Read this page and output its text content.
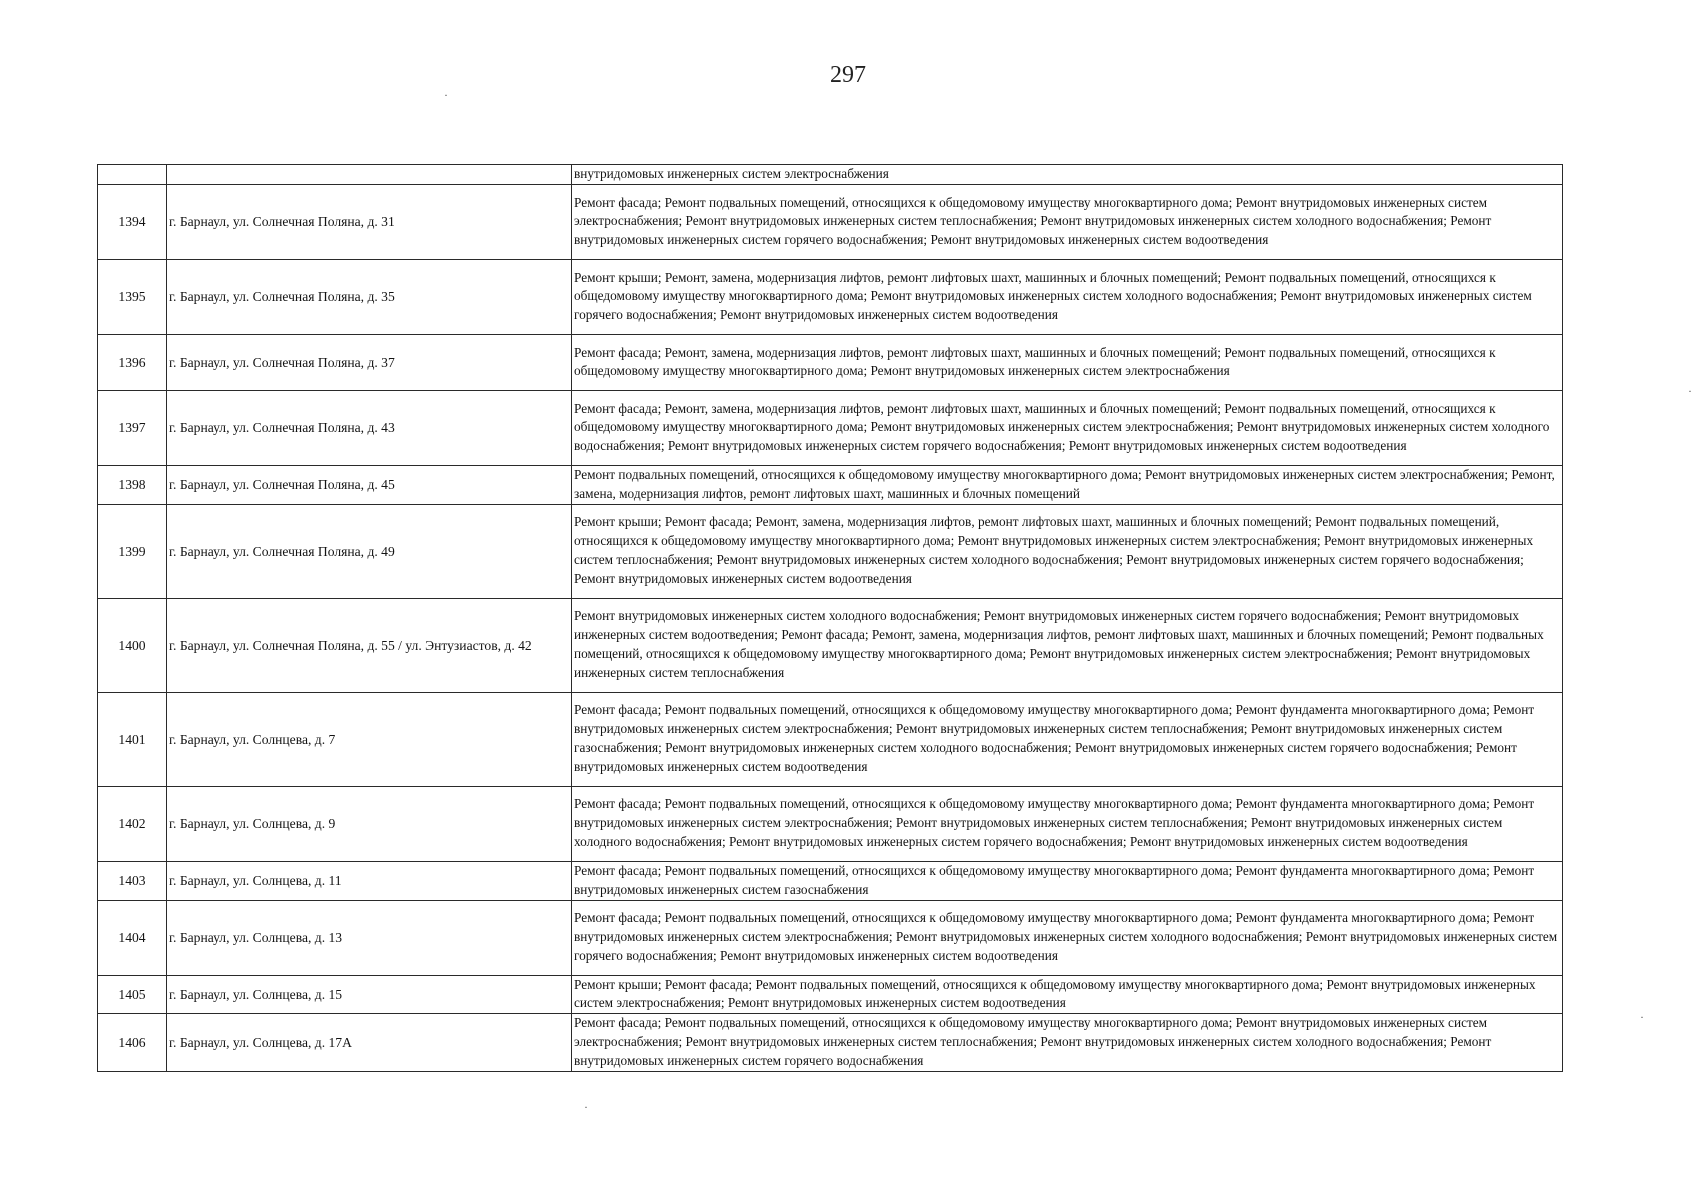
297
		внутридомовых инженерных систем электроснабжения
1394	г. Барнаул, ул. Солнечная Поляна, д. 31	Ремонт фасада; Ремонт подвальных помещений, относящихся к общедомовому имуществу многоквартирного дома; Ремонт внутридомовых инженерных систем электроснабжения; Ремонт внутридомовых инженерных систем теплоснабжения; Ремонт внутридомовых инженерных систем холодного водоснабжения; Ремонт внутридомовых инженерных систем горячего водоснабжения; Ремонт внутридомовых инженерных систем водоотведения
1395	г. Барнаул, ул. Солнечная Поляна, д. 35	Ремонт крыши; Ремонт, замена, модернизация лифтов, ремонт лифтовых шахт, машинных и блочных помещений; Ремонт подвальных помещений, относящихся к общедомовому имуществу многоквартирного дома; Ремонт внутридомовых инженерных систем холодного водоснабжения; Ремонт внутридомовых инженерных систем горячего водоснабжения; Ремонт внутридомовых инженерных систем водоотведения
1396	г. Барнаул, ул. Солнечная Поляна, д. 37	Ремонт фасада; Ремонт, замена, модернизация лифтов, ремонт лифтовых шахт, машинных и блочных помещений; Ремонт подвальных помещений, относящихся к общедомовому имуществу многоквартирного дома; Ремонт внутридомовых инженерных систем электроснабжения
1397	г. Барнаул, ул. Солнечная Поляна, д. 43	Ремонт фасада; Ремонт, замена, модернизация лифтов, ремонт лифтовых шахт, машинных и блочных помещений; Ремонт подвальных помещений, относящихся к общедомовому имуществу многоквартирного дома; Ремонт внутридомовых инженерных систем электроснабжения; Ремонт внутридомовых инженерных систем холодного водоснабжения; Ремонт внутридомовых инженерных систем горячего водоснабжения; Ремонт внутридомовых инженерных систем водоотведения
1398	г. Барнаул, ул. Солнечная Поляна, д. 45	Ремонт подвальных помещений, относящихся к общедомовому имуществу многоквартирного дома; Ремонт внутридомовых инженерных систем электроснабжения; Ремонт, замена, модернизация лифтов, ремонт лифтовых шахт, машинных и блочных помещений
1399	г. Барнаул, ул. Солнечная Поляна, д. 49	Ремонт крыши; Ремонт фасада; Ремонт, замена, модернизация лифтов, ремонт лифтовых шахт, машинных и блочных помещений; Ремонт подвальных помещений, относящихся к общедомовому имуществу многоквартирного дома; Ремонт внутридомовых инженерных систем электроснабжения; Ремонт внутридомовых инженерных систем теплоснабжения; Ремонт внутридомовых инженерных систем холодного водоснабжения; Ремонт внутридомовых инженерных систем горячего водоснабжения; Ремонт внутридомовых инженерных систем водоотведения
1400	г. Барнаул, ул. Солнечная Поляна, д. 55 / ул. Энтузиастов, д. 42	Ремонт внутридомовых инженерных систем холодного водоснабжения; Ремонт внутридомовых инженерных систем горячего водоснабжения; Ремонт внутридомовых инженерных систем водоотведения; Ремонт фасада; Ремонт, замена, модернизация лифтов, ремонт лифтовых шахт, машинных и блочных помещений; Ремонт подвальных помещений, относящихся к общедомовому имуществу многоквартирного дома; Ремонт внутридомовых инженерных систем электроснабжения; Ремонт внутридомовых инженерных систем теплоснабжения
1401	г. Барнаул, ул. Солнцева, д. 7	Ремонт фасада; Ремонт подвальных помещений, относящихся к общедомовому имуществу многоквартирного дома; Ремонт фундамента многоквартирного дома; Ремонт внутридомовых инженерных систем электроснабжения; Ремонт внутридомовых инженерных систем теплоснабжения; Ремонт внутридомовых инженерных систем газоснабжения; Ремонт внутридомовых инженерных систем холодного водоснабжения; Ремонт внутридомовых инженерных систем горячего водоснабжения; Ремонт внутридомовых инженерных систем водоотведения
1402	г. Барнаул, ул. Солнцева, д. 9	Ремонт фасада; Ремонт подвальных помещений, относящихся к общедомовому имуществу многоквартирного дома; Ремонт фундамента многоквартирного дома; Ремонт внутридомовых инженерных систем электроснабжения; Ремонт внутридомовых инженерных систем теплоснабжения; Ремонт внутридомовых инженерных систем холодного водоснабжения; Ремонт внутридомовых инженерных систем горячего водоснабжения; Ремонт внутридомовых инженерных систем водоотведения
1403	г. Барнаул, ул. Солнцева, д. 11	Ремонт фасада; Ремонт подвальных помещений, относящихся к общедомовому имуществу многоквартирного дома; Ремонт фундамента многоквартирного дома; Ремонт внутридомовых инженерных систем газоснабжения
1404	г. Барнаул, ул. Солнцева, д. 13	Ремонт фасада; Ремонт подвальных помещений, относящихся к общедомовому имуществу многоквартирного дома; Ремонт фундамента многоквартирного дома; Ремонт внутридомовых инженерных систем электроснабжения; Ремонт внутридомовых инженерных систем холодного водоснабжения; Ремонт внутридомовых инженерных систем горячего водоснабжения; Ремонт внутридомовых инженерных систем водоотведения
1405	г. Барнаул, ул. Солнцева, д. 15	Ремонт крыши; Ремонт фасада; Ремонт подвальных помещений, относящихся к общедомовому имуществу многоквартирного дома; Ремонт внутридомовых инженерных систем электроснабжения; Ремонт внутридомовых инженерных систем водоотведения
1406	г. Барнаул, ул. Солнцева, д. 17А	Ремонт фасада; Ремонт подвальных помещений, относящихся к общедомовому имуществу многоквартирного дома; Ремонт внутридомовых инженерных систем электроснабжения; Ремонт внутридомовых инженерных систем теплоснабжения; Ремонт внутридомовых инженерных систем холодного водоснабжения; Ремонт внутридомовых инженерных систем горячего водоснабжения
·
·
·
·
